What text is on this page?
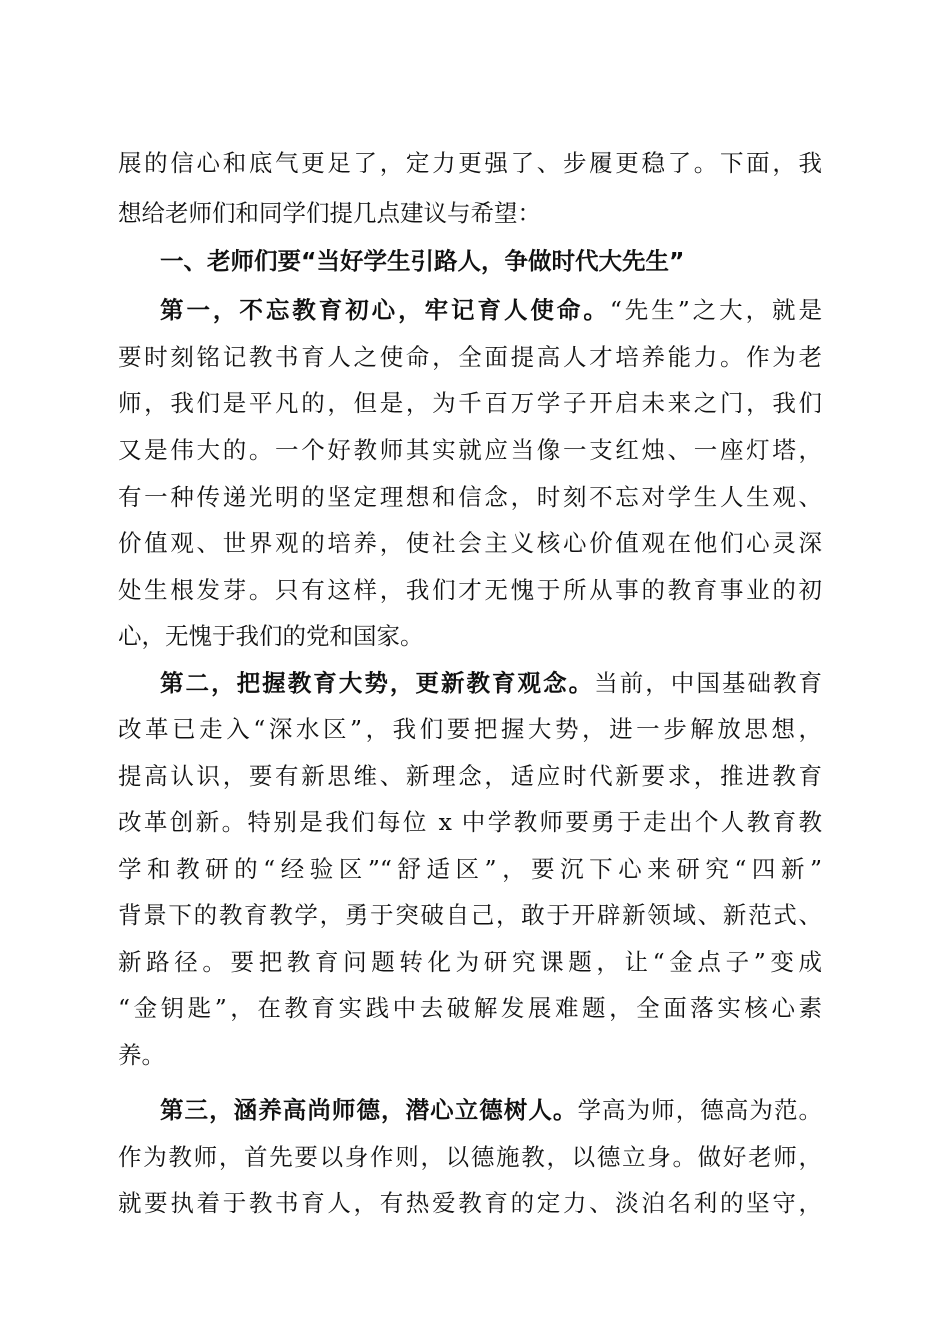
展的信心和底气更足了，定力更强了、步履更稳了。下面，我
想给老师们和同学们提几点建议与希望：
一、老师们要“当好学生引路人，争做时代大先生”
第一，不忘教育初心，牢记育人使命。“先生”之大，就是
要时刻铭记教书育人之使命，全面提高人才培养能力。作为老
师，我们是平凡的，但是，为千百万学子开启未来之门，我们
又是伟大的。一个好教师其实就应当像一支红烛、一座灯塔，
有一种传递光明的坚定理想和信念，时刻不忘对学生人生观、
价值观、世界观的培养，使社会主义核心价值观在他们心灵深
处生根发芽。只有这样，我们才无愧于所从事的教育事业的初
心，无愧于我们的党和国家。
第二，把握教育大势，更新教育观念。当前，中国基础教育
改革已走入“深水区”，我们要把握大势，进一步解放思想，
提高认识，要有新思维、新理念，适应时代新要求，推进教育
改革创新。特别是我们每位 x 中学教师要勇于走出个人教育教
学和教研的“经验区”“舒适区”，要沉下心来研究“四新”
背景下的教育教学，勇于突破自己，敢于开辟新领域、新范式、
新路径。要把教育问题转化为研究课题，让“金点子”变成
“金钥匙”，在教育实践中去破解发展难题，全面落实核心素
养。
第三，涵养高尚师德，潜心立德树人。学高为师，德高为范。
作为教师，首先要以身作则，以德施教，以德立身。做好老师，
就要执着于教书育人，有热爱教育的定力、淡泊名利的坚守，
